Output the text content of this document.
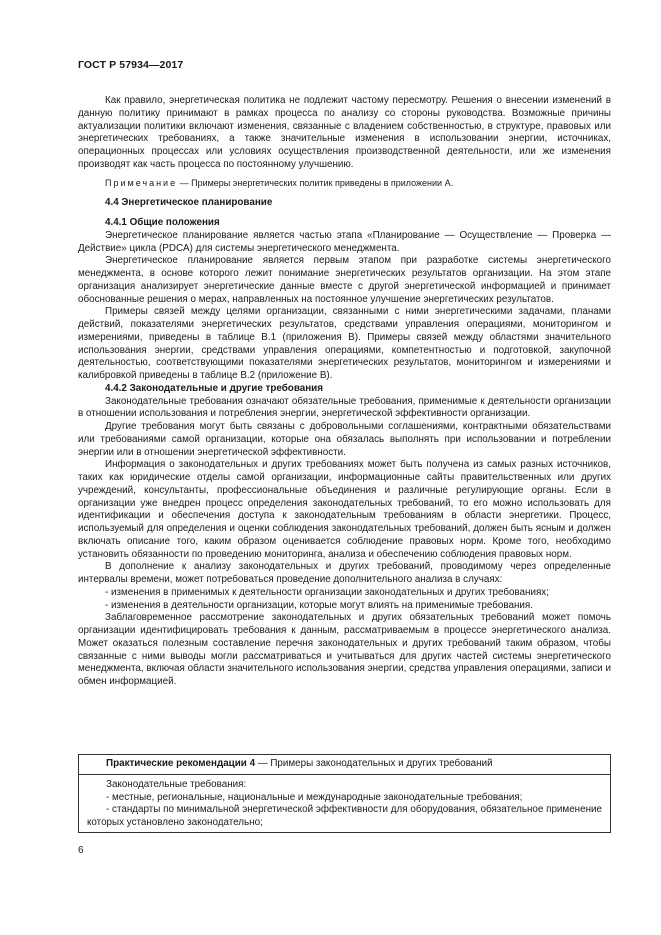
ГОСТ Р 57934—2017

Как правило, энергетическая политика не подлежит частому пересмотру. Решения о внесении изменений в данную политику принимают в рамках процесса по анализу со стороны руководства. Возможные причины актуализации политики включают изменения, связанные с владением собственностью, в структуре, правовых или энергетических требованиях, а также значительные изменения в использовании энергии, источниках, операционных процессах или условиях осуществления производственной деятельности, или же изменения производят как часть процесса по постоянному улучшению.

Примечание — Примеры энергетических политик приведены в приложении А.

4.4 Энергетическое планирование
4.4.1 Общие положения

Энергетическое планирование является частью этапа «Планирование — Осуществление — Проверка — Действие» цикла (PDCA) для системы энергетического менеджмента.

Энергетическое планирование является первым этапом при разработке системы энергетического менеджмента, в основе которого лежит понимание энергетических результатов организации. На этом этапе организация анализирует энергетические данные вместе с другой энергетической информацией и принимает обоснованные решения о мерах, направленных на постоянное улучшение энергетических результатов.

Примеры связей между целями организации, связанными с ними энергетическими задачами, планами действий, показателями энергетических результатов, средствами управления операциями, мониторингом и измерениями, приведены в таблице В.1 (приложения В). Примеры связей между областями значительного использования энергии, средствами управления операциями, компетентностью и подготовкой, закупочной деятельностью, соответствующими показателями энергетических результатов, мониторингом и измерениями и калибровкой приведены в таблице В.2 (приложение В).

4.4.2 Законодательные и другие требования

Законодательные требования означают обязательные требования, применимые к деятельности организации в отношении использования и потребления энергии, энергетической эффективности организации.

Другие требования могут быть связаны с добровольными соглашениями, контрактными обязательствами или требованиями самой организации, которые она обязалась выполнять при использовании и потреблении энергии или в отношении энергетической эффективности.

Информация о законодательных и других требованиях может быть получена из самых разных источников, таких как юридические отделы самой организации, информационные сайты правительственных или других учреждений, консультанты, профессиональные объединения и различные регулирующие органы. Если в организации уже внедрен процесс определения законодательных требований, то его можно использовать для идентификации и обеспечения доступа к законодательным требованиям в области энергетики. Процесс, используемый для определения и оценки соблюдения законодательных требований, должен быть ясным и должен включать описание того, каким образом оценивается соблюдение правовых норм. Кроме того, необходимо установить обязанности по проведению мониторинга, анализа и обеспечению соблюдения правовых норм.

В дополнение к анализу законодательных и других требований, проводимому через определенные интервалы времени, может потребоваться проведение дополнительного анализа в случаях:

- изменения в применимых к деятельности организации законодательных и других требованиях;

- изменения в деятельности организации, которые могут влиять на применимые требования.

Заблаговременное рассмотрение законодательных и других обязательных требований может помочь организации идентифицировать требования к данным, рассматриваемым в процессе энергетического анализа. Может оказаться полезным составление перечня законодательных и других требований таким образом, чтобы связанные с ними выводы могли рассматриваться и учитываться для других частей системы энергетического менеджмента, включая области значительного использования энергии, средства управления операциями, записи и обмен информацией.

Практические рекомендации 4 — Примеры законодательных и других требований

Законодательные требования:

- местные, региональные, национальные и международные законодательные требования;

- стандарты по минимальной энергетической эффективности для оборудования, обязательное применение которых установлено законодательно;

6
